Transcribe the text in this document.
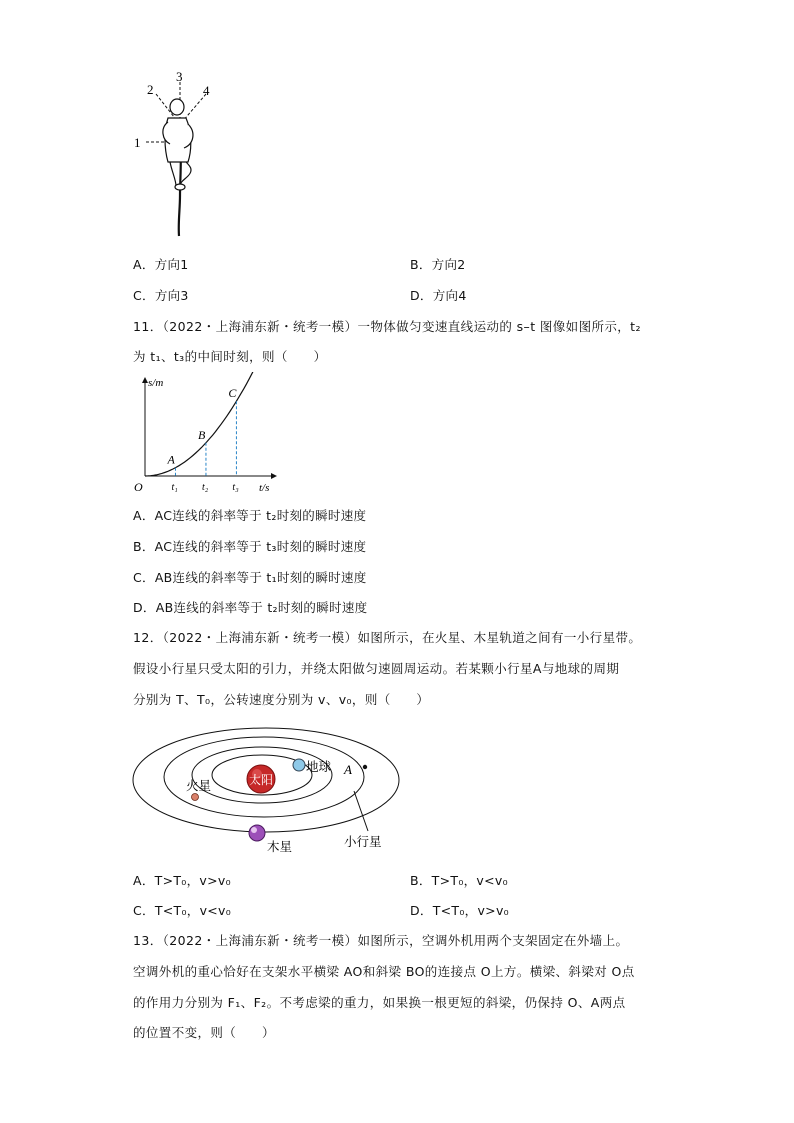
1
2
3
4
A．方向1	B．方向2
C．方向3	D．方向4
11．（2022・上海浦东新・统考一模）一物体做匀变速直线运动的 s–t 图像如图所示，t₂
为 t₁、t₃的中间时刻，则（　　）
s/m
t/s
O
A
t₁
B
t₂
C
t₃
A．AC连线的斜率等于 t₂时刻的瞬时速度
B．AC连线的斜率等于 t₃时刻的瞬时速度
C．AB连线的斜率等于 t₁时刻的瞬时速度
D．AB连线的斜率等于 t₂时刻的瞬时速度
12．（2022・上海浦东新・统考一模）如图所示，在火星、木星轨道之间有一小行星带。
假设小行星只受太阳的引力，并绕太阳做匀速圆周运动。若某颗小行星A与地球的周期
分别为 T、T₀，公转速度分别为 v、v₀，则（　　）
太阳
地球 A
火星
木星	小行星
A．T>T₀，v>v₀	B．T>T₀，v<v₀
C．T<T₀，v<v₀	D．T<T₀，v>v₀
13．（2022・上海浦东新・统考一模）如图所示，空调外机用两个支架固定在外墙上。
空调外机的重心恰好在支架水平横梁 AO和斜梁 BO的连接点 O上方。横梁、斜梁对 O点
的作用力分别为 F₁、F₂。不考虑梁的重力，如果换一根更短的斜梁，仍保持 O、A两点
的位置不变，则（　　）
